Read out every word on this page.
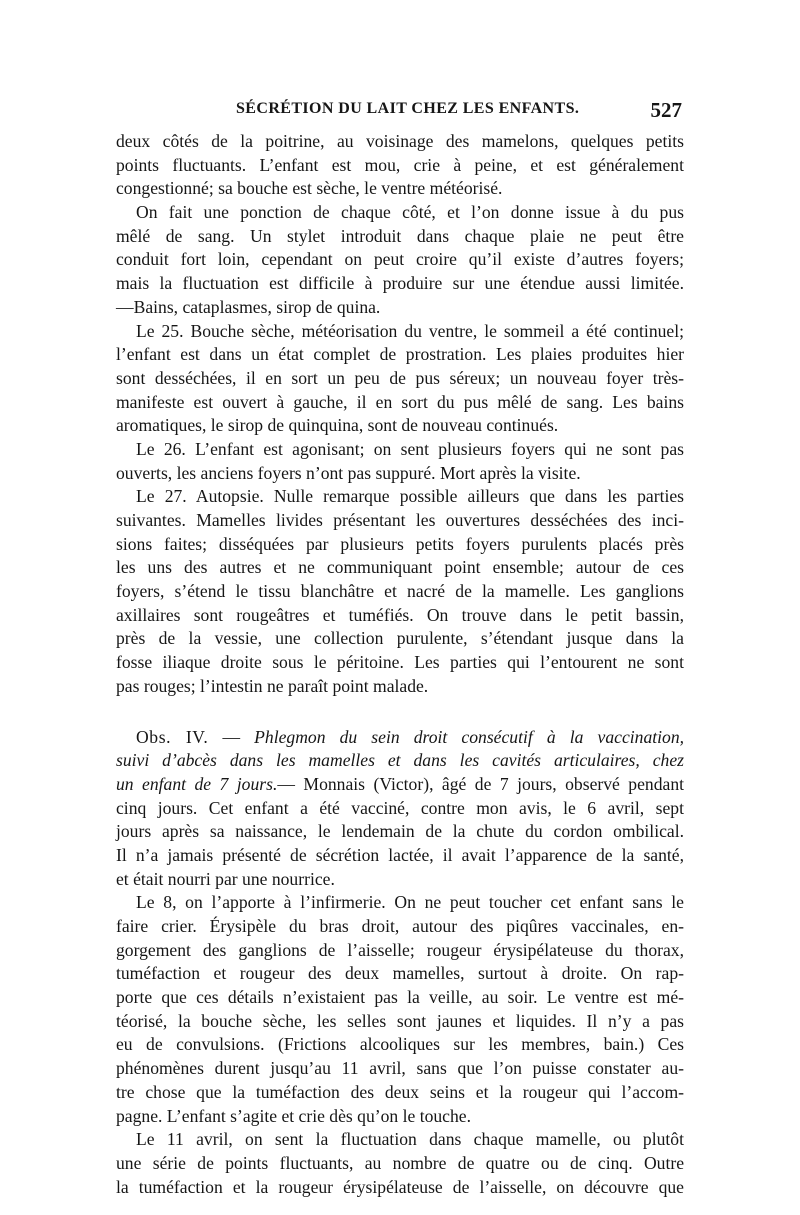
SÉCRÉTION DU LAIT CHEZ LES ENFANTS.	527
deux côtés de la poitrine, au voisinage des mamelons, quelques petits
points fluctuants. L’enfant est mou, crie à peine, et est généralement
congestionné; sa bouche est sèche, le ventre météorisé.
On fait une ponction de chaque côté, et l’on donne issue à du pus
mêlé de sang. Un stylet introduit dans chaque plaie ne peut être
conduit fort loin, cependant on peut croire qu’il existe d’autres foyers;
mais la fluctuation est difficile à produire sur une étendue aussi limitée.
—Bains, cataplasmes, sirop de quina.
Le 25. Bouche sèche, météorisation du ventre, le sommeil a été continuel;
l’enfant est dans un état complet de prostration. Les plaies produites hier
sont desséchées, il en sort un peu de pus séreux; un nouveau foyer très-
manifeste est ouvert à gauche, il en sort du pus mêlé de sang. Les bains
aromatiques, le sirop de quinquina, sont de nouveau continués.
Le 26. L’enfant est agonisant; on sent plusieurs foyers qui ne sont pas
ouverts, les anciens foyers n’ont pas suppuré. Mort après la visite.
Le 27. Autopsie. Nulle remarque possible ailleurs que dans les parties
suivantes. Mamelles livides présentant les ouvertures desséchées des inci-
sions faites; disséquées par plusieurs petits foyers purulents placés près
les uns des autres et ne communiquant point ensemble; autour de ces
foyers, s’étend le tissu blanchâtre et nacré de la mamelle. Les ganglions
axillaires sont rougeâtres et tuméfiés. On trouve dans le petit bassin,
près de la vessie, une collection purulente, s’étendant jusque dans la
fosse iliaque droite sous le péritoine. Les parties qui l’entourent ne sont
pas rouges; l’intestin ne paraît point malade.
Obs. IV. — Phlegmon du sein droit consécutif à la vaccination,
suivi d’abcès dans les mamelles et dans les cavités articulaires, chez
un enfant de 7 jours.— Monnais (Victor), âgé de 7 jours, observé pendant
cinq jours. Cet enfant a été vacciné, contre mon avis, le 6 avril, sept
jours après sa naissance, le lendemain de la chute du cordon ombilical.
Il n’a jamais présenté de sécrétion lactée, il avait l’apparence de la santé,
et était nourri par une nourrice.
Le 8, on l’apporte à l’infirmerie. On ne peut toucher cet enfant sans le
faire crier. Érysipèle du bras droit, autour des piqûres vaccinales, en-
gorgement des ganglions de l’aisselle; rougeur érysipélateuse du thorax,
tuméfaction et rougeur des deux mamelles, surtout à droite. On rap-
porte que ces détails n’existaient pas la veille, au soir. Le ventre est mé-
téorisé, la bouche sèche, les selles sont jaunes et liquides. Il n’y a pas
eu de convulsions. (Frictions alcooliques sur les membres, bain.) Ces
phénomènes durent jusqu’au 11 avril, sans que l’on puisse constater au-
tre chose que la tuméfaction des deux seins et la rougeur qui l’accom-
pagne. L’enfant s’agite et crie dès qu’on le touche.
Le 11 avril, on sent la fluctuation dans chaque mamelle, ou plutôt
une série de points fluctuants, au nombre de quatre ou de cinq. Outre
la tuméfaction et la rougeur érysipélateuse de l’aisselle, on découvre que
